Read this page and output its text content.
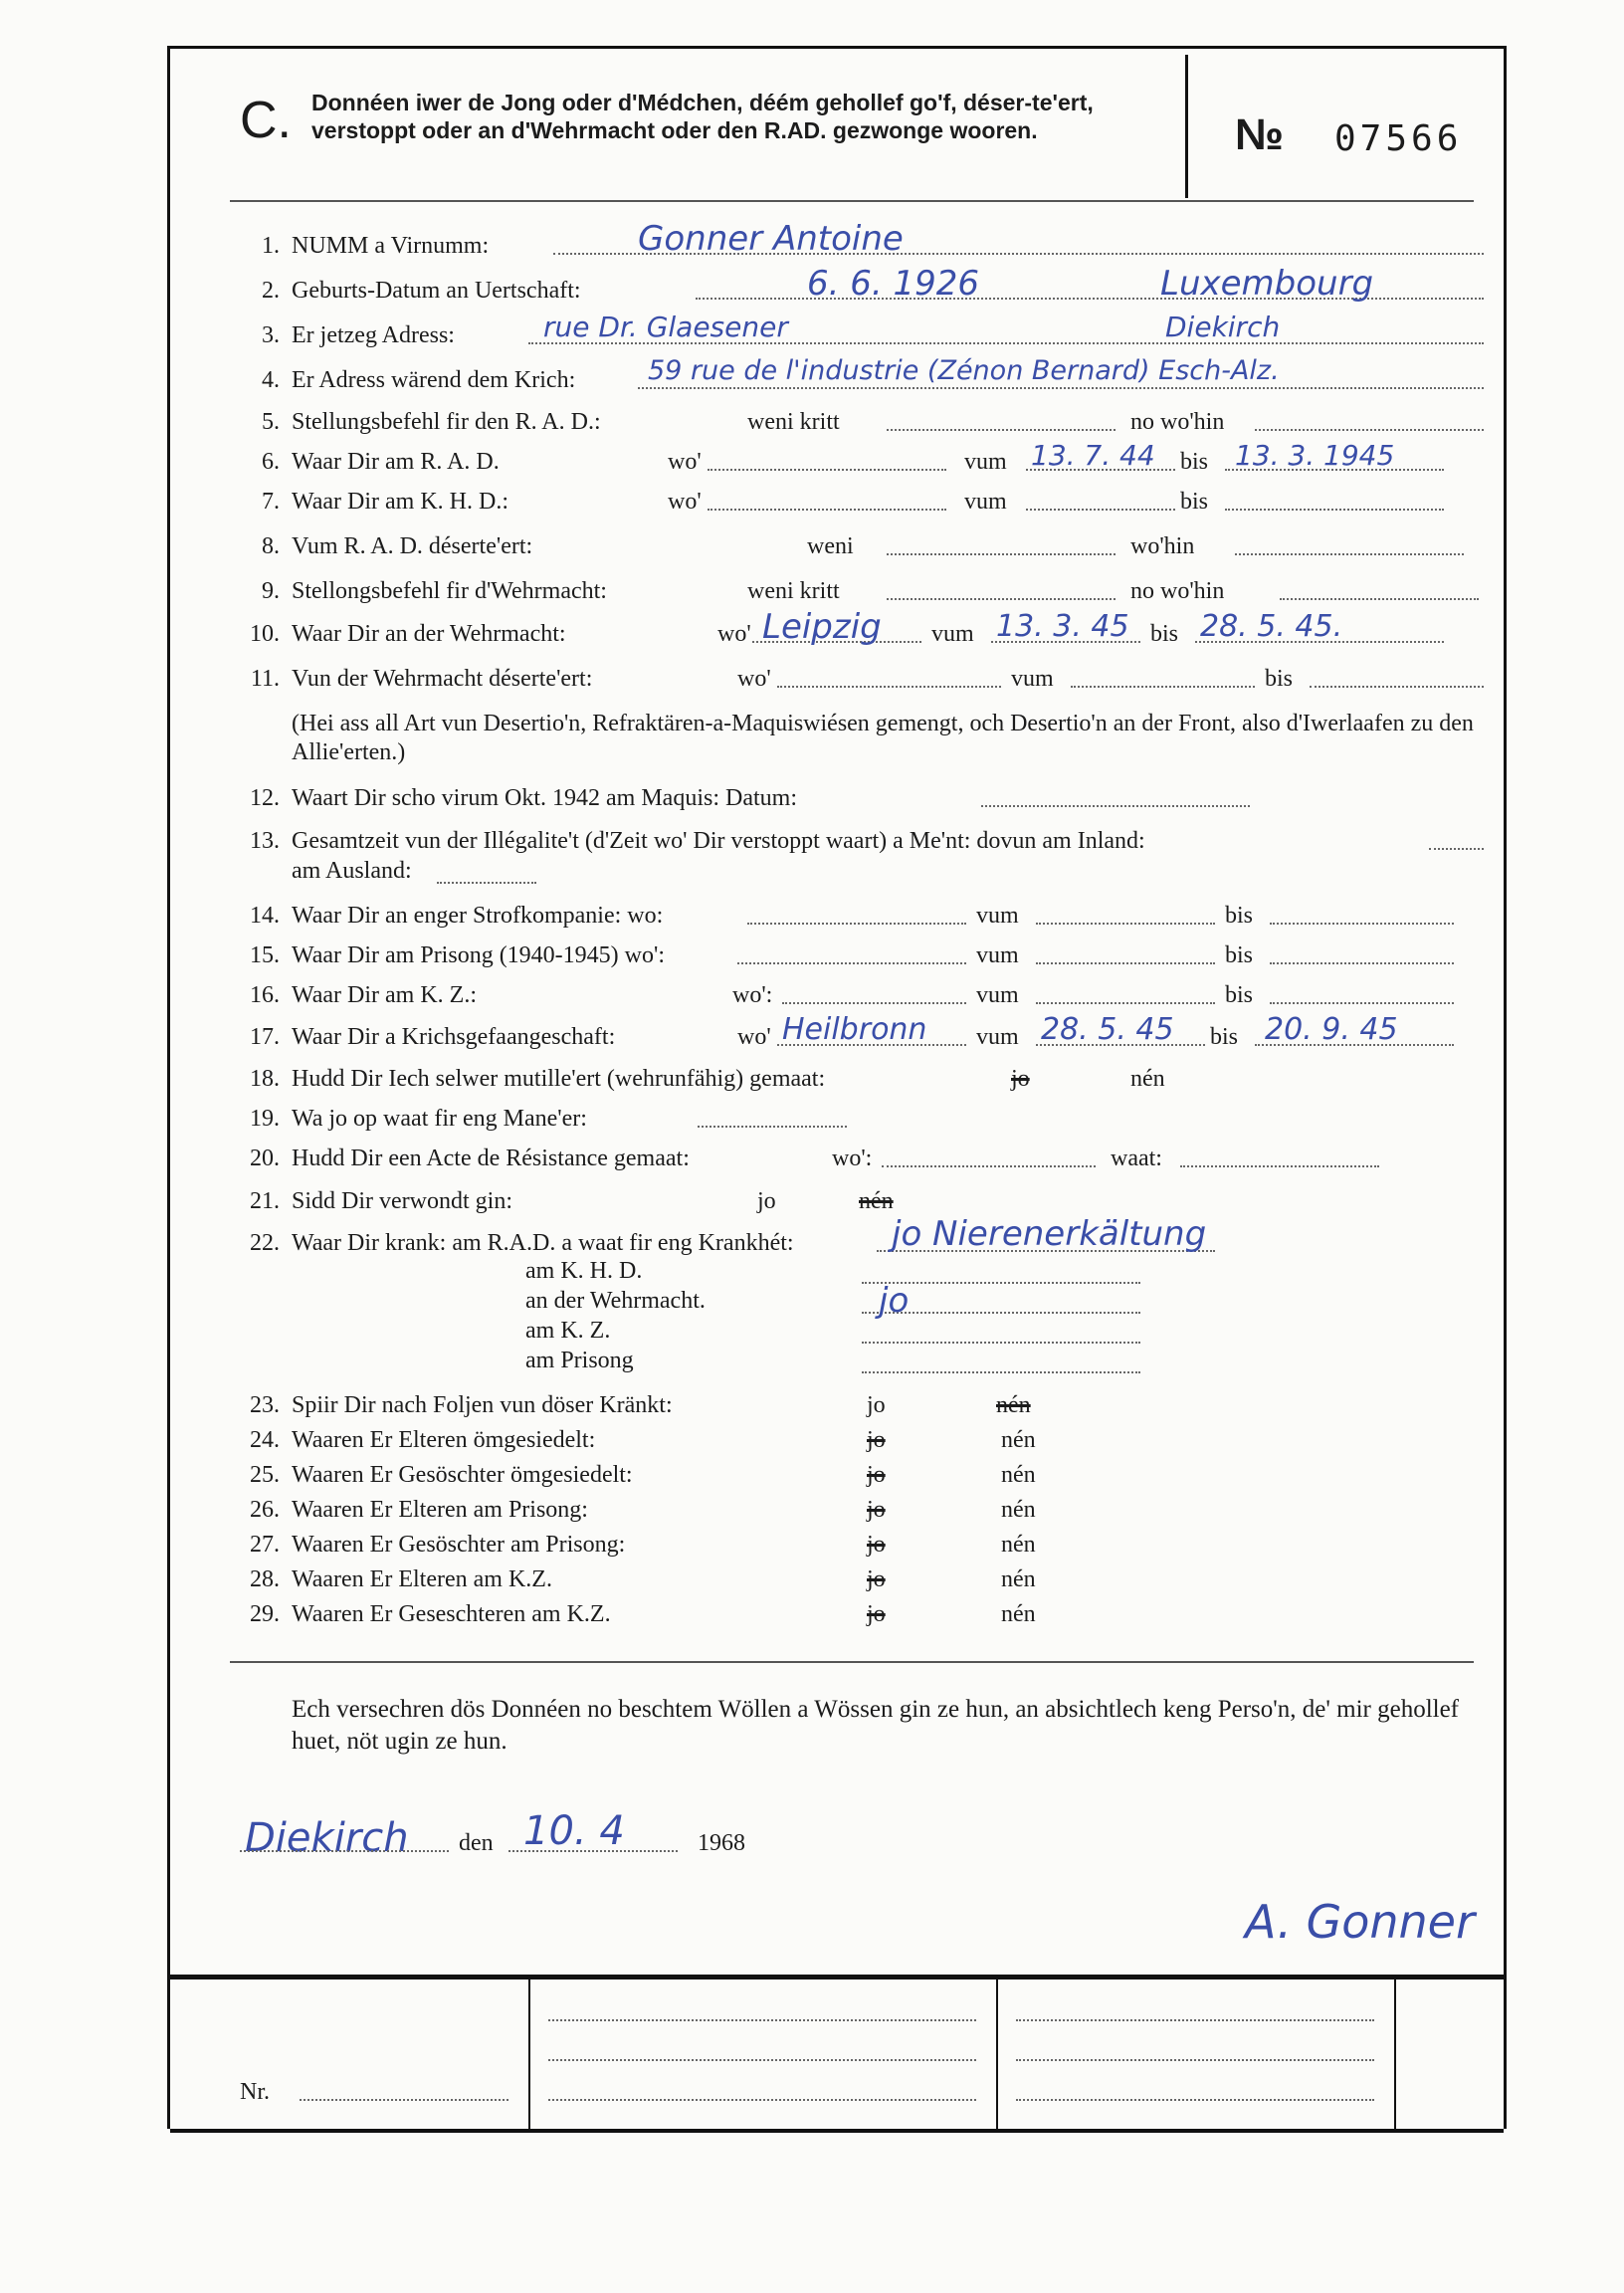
C. Donnéen iwer de Jong oder d'Médchen, déém gehollef go'f, déser-te'ert, verstoppt oder an d'Wehrmacht oder den R.AD. gezwonge wooren.	№ 07566
1. NUMM a Virnumm:	Gonner Antoine
2. Geburts-Datum an Uertschaft:	6. 6. 1926	Luxembourg
3. Er jetzeg Adress:	rue Dr. Glaesener	Diekirch
4. Er Adress wärend dem Krich:	59 rue de l'industrie (Zénon Bernard) Esch-Alz.
5. Stellungsbefehl fir den R. A. D.:	weni kritt	no wo'hin
6. Waar Dir am R. A. D.	wo'	vum 13. 7. 44 bis 13. 3. 1945
7. Waar Dir am K. H. D.:	wo'	vum	bis
8. Vum R. A. D. déserte'ert:	weni	wo'hin
9. Stellongsbefehl fir d'Wehrmacht:	weni kritt	no wo'hin
10. Waar Dir an der Wehrmacht:	wo' Leipzig vum 13. 3. 45 bis 28. 5. 45.
11. Vun der Wehrmacht déserte'ert:	wo'	vum	bis
(Hei ass all Art vun Desertio'n, Refraktären-a-Maquiswiésen gemengt, och Desertio'n an der Front, also d'Iwerlaafen zu den Allie'erten.)
12. Waart Dir scho virum Okt. 1942 am Maquis: Datum:
13. Gesamtzeit vun der Illégalite't (d'Zeit wo' Dir verstoppt waart) a Me'nt: dovun am Inland:
am Ausland:
14. Waar Dir an enger Strofkompanie: wo:	vum	bis
15. Waar Dir am Prisong (1940-1945) wo':	vum	bis
16. Waar Dir am K. Z.:	wo':	vum	bis
17. Waar Dir a Krichsgefaangeschaft:	wo' Heilbronn vum 28. 5. 45 bis 20. 9. 45
18. Hudd Dir Iech selwer mutille'ert (wehrunfähig) gemaat:	jo	nén
19. Wa jo op waat fir eng Mane'er:
20. Hudd Dir een Acte de Résistance gemaat:	wo':	waat:
21. Sidd Dir verwondt gin:	jo	nén
22. Waar Dir krank: am R.A.D. a waat fir eng Krankhét:	jo Nierenerkältung
am K. H. D.
an der Wehrmacht.	jo
am K. Z.
am Prisong
23. Spiir Dir nach Foljen vun döser Kränkt:	jo	nén
24. Waaren Er Elteren ömgesiedelt:	jo	nén
25. Waaren Er Gesöschter ömgesiedelt:	jo	nén
26. Waaren Er Elteren am Prisong:	jo	nén
27. Waaren Er Gesöschter am Prisong:	jo	nén
28. Waaren Er Elteren am K.Z.	jo	nén
29. Waaren Er Geseschteren am K.Z.	jo	nén
Ech versechren dös Donnéen no beschtem Wöllen a Wössen gin ze hun, an absichtlech keng Perso'n, de' mir gehollef huet, nöt ugin ze hun.
Diekirch den 10. 4	1968
A. Gonner
Nr.
